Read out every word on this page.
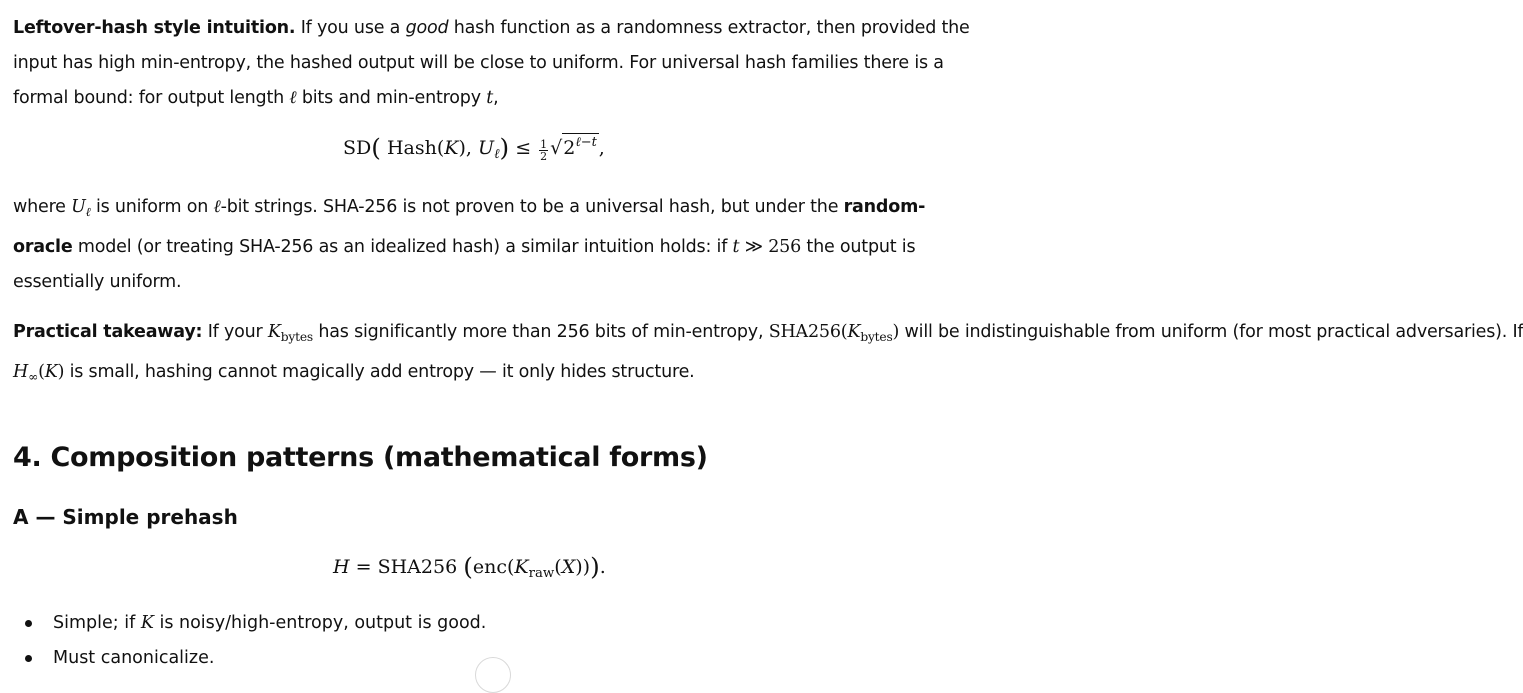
Leftover-hash style intuition. If you use a good hash function as a randomness extractor, then provided the input has high min-entropy, the hashed output will be close to uniform. For universal hash families there is a formal bound: for output length ℓ bits and min-entropy t,

SD( Hash(K), $U_\ell) \le \frac{1}{2} √2^{\ell-t}$ ,

where $U_\ell$ is uniform on ℓ-bit strings. SHA-256 is not proven to be a universal hash, but under the random-oracle model (or treating SHA-256 as an idealized hash) a similar intuition holds: if t ≫ 256 the output is essentially uniform.

Practical takeaway: If your $K_{bytes}$ has significantly more than 256 bits of min-entropy, $SHA256(K_{bytes})$ will be indistinguishable from uniform (for most practical adversaries). If
$H_\infty(K)$ is small, hashing cannot magically add entropy — it only hides structure.

4. Composition patterns (mathematical forms)
A — Simple prehash
H = SHA256 $(enc(K_{raw}(X)))$.
Simple; if K is noisy/high-entropy, output is good.
Must canonicalize.
